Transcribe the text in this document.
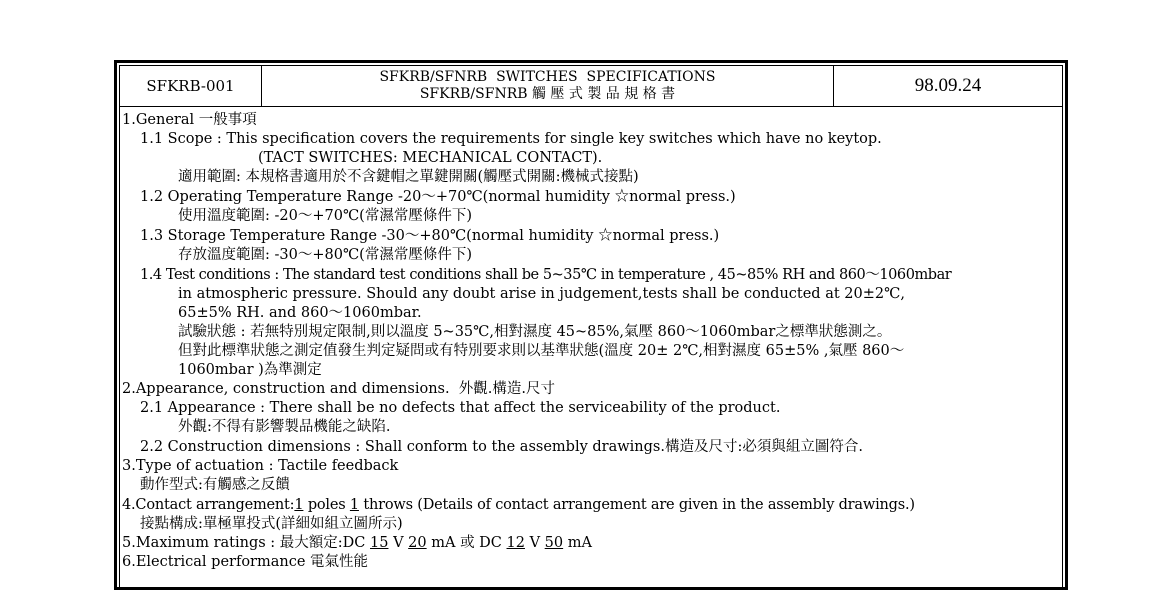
SFKRB-001	SFKRB/SFNRB  SWITCHES  SPECIFICATIONS
SFKRB/SFNRB 觸 壓 式 製 品 規 格 書	98.09.24
1.General 一般事項
1.1 Scope : This specification covers the requirements for single key switches which have no keytop.
(TACT SWITCHES: MECHANICAL CONTACT).
適用範圍: 本規格書適用於不含鍵帽之單鍵開關(觸壓式開關:機械式接點)
1.2 Operating Temperature Range -20～+70℃(normal humidity ☆normal press.)
使用溫度範圍: -20～+70℃(常濕常壓條件下)
1.3 Storage Temperature Range -30～+80℃(normal humidity ☆normal press.)
存放溫度範圍: -30～+80℃(常濕常壓條件下)
1.4 Test conditions : The standard test conditions shall be 5~35℃ in temperature , 45~85% RH and 860～1060mbar
in atmospheric pressure. Should any doubt arise in judgement,tests shall be conducted at 20±2℃,
65±5% RH. and 860～1060mbar.
試驗狀態 : 若無特別規定限制,則以溫度 5~35℃,相對濕度 45~85%,氣壓 860～1060mbar之標準狀態測之。
但對此標準狀態之測定值發生判定疑問或有特別要求則以基準狀態(溫度 20± 2℃,相對濕度 65±5% ,氣壓 860～
1060mbar )為準測定
2.Appearance, construction and dimensions.  外觀.構造.尺寸
2.1 Appearance : There shall be no defects that affect the serviceability of the product.
外觀:不得有影響製品機能之缺陷.
2.2 Construction dimensions : Shall conform to the assembly drawings.構造及尺寸:必須與組立圖符合.
3.Type of actuation : Tactile feedback
動作型式:有觸感之反饋
4.Contact arrangement:1 poles 1 throws (Details of contact arrangement are given in the assembly drawings.)
接點構成:單極單投式(詳細如組立圖所示)
5.Maximum ratings : 最大額定:DC 15 V 20 mA 或 DC 12 V 50 mA
6.Electrical performance 電氣性能
